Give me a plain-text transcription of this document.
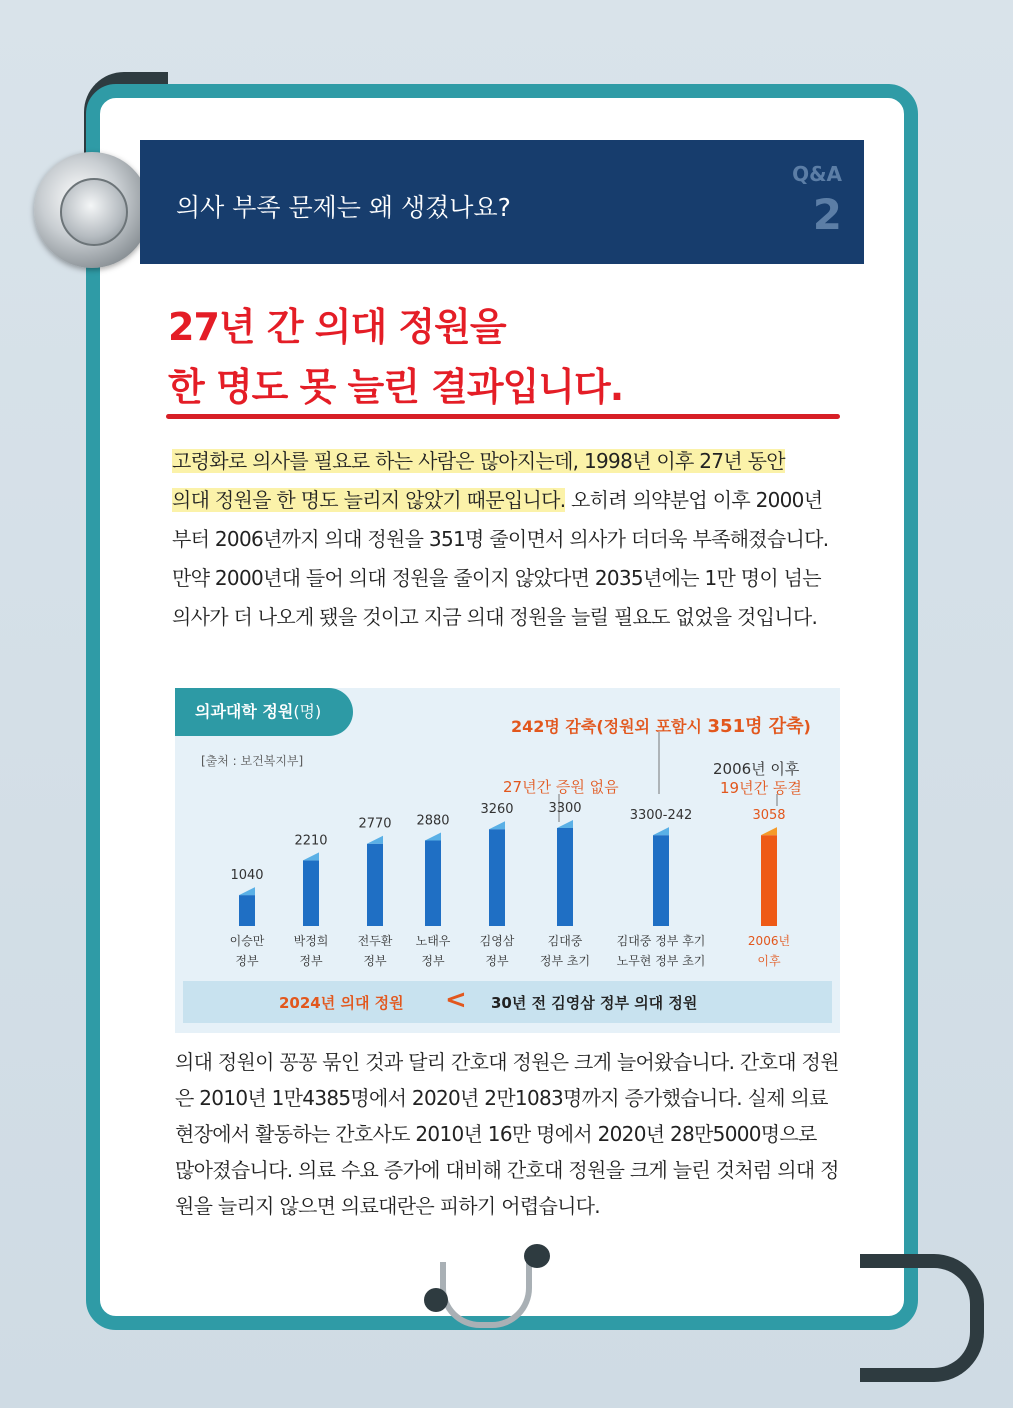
의사 부족 문제는 왜 생겼나요?
Q&A
2
27년 간 의대 정원을
한 명도 못 늘린 결과입니다.
고령화로 의사를 필요로 하는 사람은 많아지는데, 1998년 이후 27년 동안
의대 정원을 한 명도 늘리지 않았기 때문입니다. 오히려 의약분업 이후 2000년부터 2006년까지 의대 정원을 351명 줄이면서 의사가 더더욱 부족해졌습니다. 만약 2000년대 들어 의대 정원을 줄이지 않았다면 2035년에는 1만 명이 넘는 의사가 더 나오게 됐을 것이고 지금 의대 정원을 늘릴 필요도 없었을 것입니다.
의과대학 정원(명)
[출처 : 보건복지부]
242명 감축(정원외 포함시 351명 감축)
27년간 증원 없음
2006년 이후
19년간 동결
1040
이승만
정부
2210
박정희
정부
2770
전두환
정부
2880
노태우
정부
3260
김영삼
정부
3300
김대중
정부 초기
3300-242
김대중 정부 후기
노무현 정부 초기
3058
2006년
이후
2024년 의대 정원 < 30년 전 김영삼 정부 의대 정원
의대 정원이 꽁꽁 묶인 것과 달리 간호대 정원은 크게 늘어왔습니다. 간호대 정원은 2010년 1만4385명에서 2020년 2만1083명까지 증가했습니다. 실제 의료 현장에서 활동하는 간호사도 2010년 16만 명에서 2020년 28만5000명으로 많아졌습니다. 의료 수요 증가에 대비해 간호대 정원을 크게 늘린 것처럼 의대 정원을 늘리지 않으면 의료대란은 피하기 어렵습니다.
